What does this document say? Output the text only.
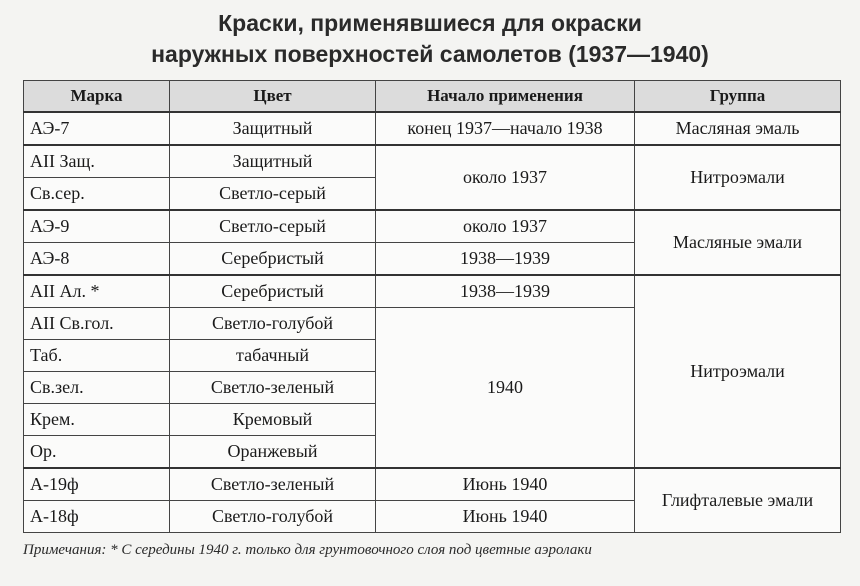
Краски, применявшиеся для окраски
наружных поверхностей самолетов (1937—1940)
Марка	Цвет	Начало применения	Группа
АЭ-7	Защитный	конец 1937—начало 1938	Масляная эмаль
АII Защ.	Защитный	около 1937	Нитроэмали
Св.сер.	Светло-серый		
АЭ-9	Светло-серый	около 1937	Масляные эмали
АЭ-8	Серебристый	1938—1939	
АII Ал. *	Серебристый	1938—1939	Нитроэмали
АII Св.гол.	Светло-голубой	1940	
Таб.	табачный		
Св.зел.	Светло-зеленый		
Крем.	Кремовый		
Ор.	Оранжевый		
А-19ф	Светло-зеленый	Июнь 1940	Глифталевые эмали
А-18ф	Светло-голубой	Июнь 1940	
Примечания: * С середины 1940 г. только для грунтовочного слоя под цветные аэролаки
